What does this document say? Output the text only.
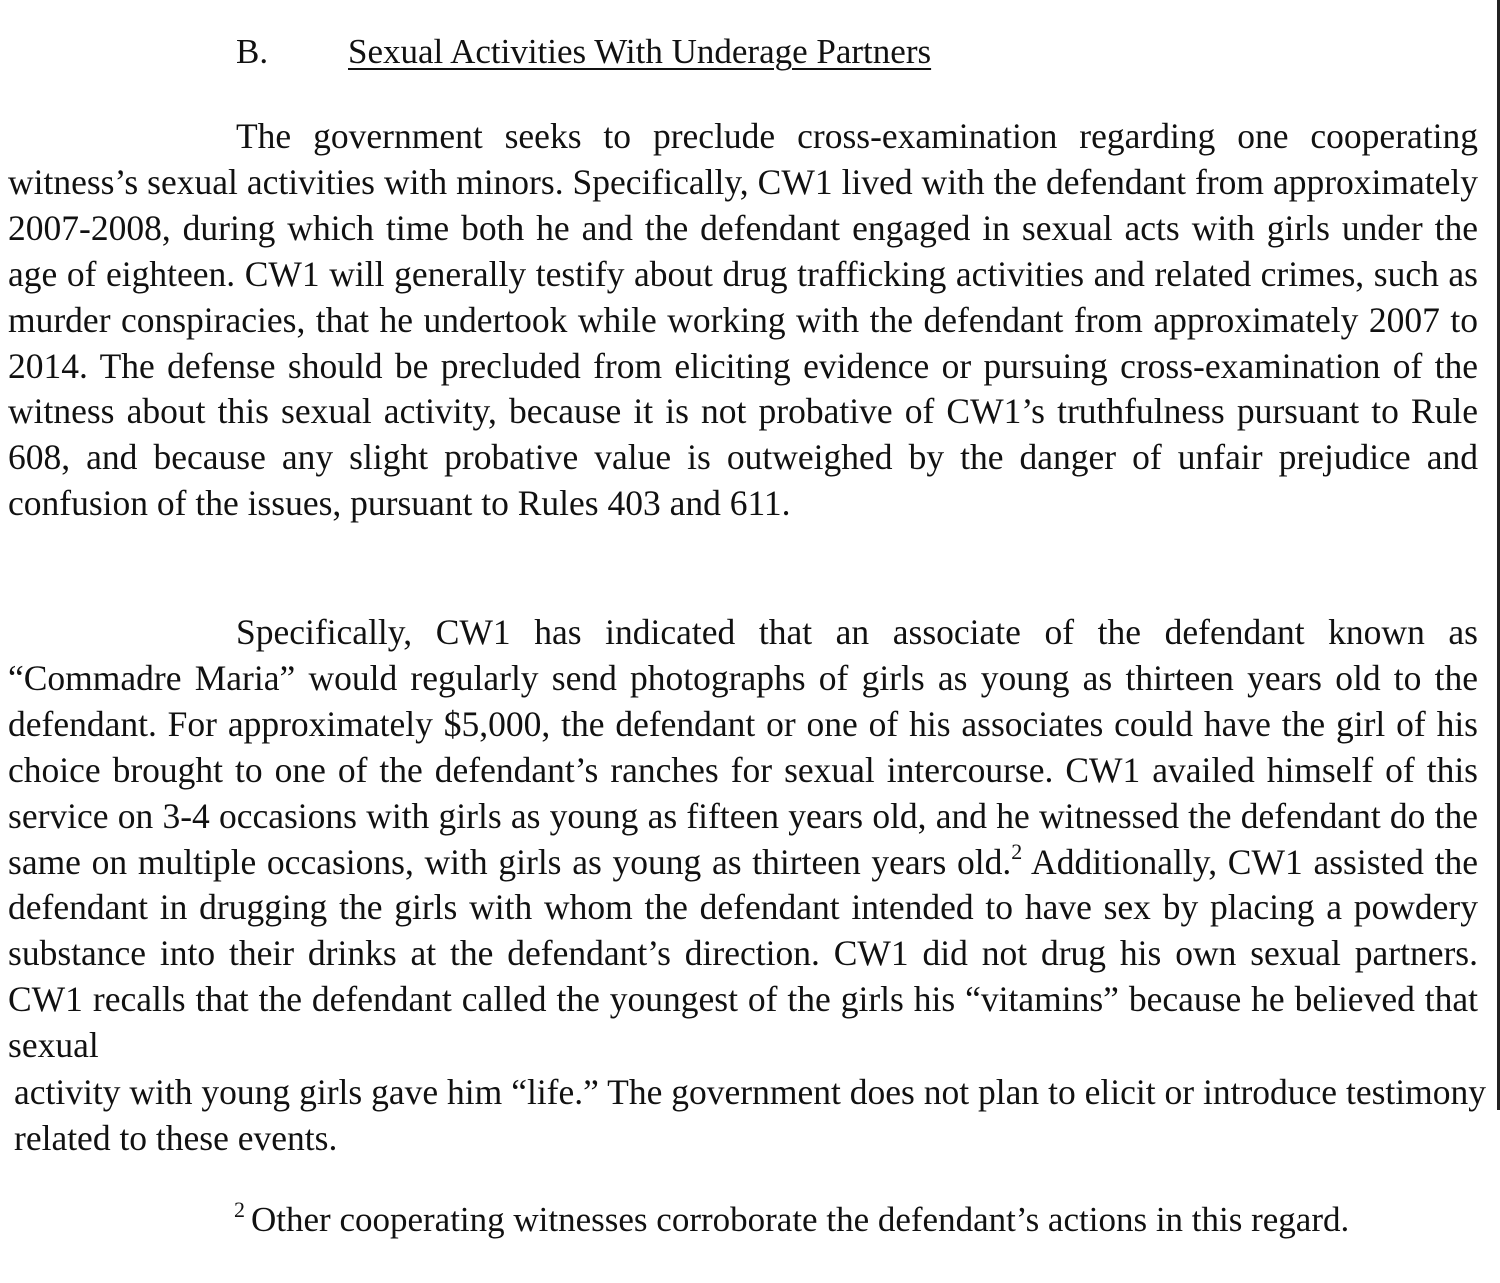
B. Sexual Activities With Underage Partners

The government seeks to preclude cross-examination regarding one cooperating witness’s sexual activities with minors. Specifically, CW1 lived with the defendant from approximately 2007-2008, during which time both he and the defendant engaged in sexual acts with girls under the age of eighteen. CW1 will generally testify about drug trafficking activities and related crimes, such as murder conspiracies, that he undertook while working with the defendant from approximately 2007 to 2014. The defense should be precluded from eliciting evidence or pursuing cross-examination of the witness about this sexual activity, because it is not probative of CW1’s truthfulness pursuant to Rule 608, and because any slight probative value is outweighed by the danger of unfair prejudice and confusion of the issues, pursuant to Rules 403 and 611.

Specifically, CW1 has indicated that an associate of the defendant known as “Commadre Maria” would regularly send photographs of girls as young as thirteen years old to the defendant. For approximately $5,000, the defendant or one of his associates could have the girl of his choice brought to one of the defendant’s ranches for sexual intercourse. CW1 availed himself of this service on 3-4 occasions with girls as young as fifteen years old, and he witnessed the defendant do the same on multiple occasions, with girls as young as thirteen years old.$^2$ Additionally, CW1 assisted the defendant in drugging the girls with whom the defendant intended to have sex by placing a powdery substance into their drinks at the defendant’s direction. CW1 did not drug his own sexual partners. CW1 recalls that the defendant called the youngest of the girls his “vitamins” because he believed that sexual

activity with young girls gave him “life.” The government does not plan to elicit or introduce testimony related to these events.

$^2$ Other cooperating witnesses corroborate the defendant’s actions in this regard.
